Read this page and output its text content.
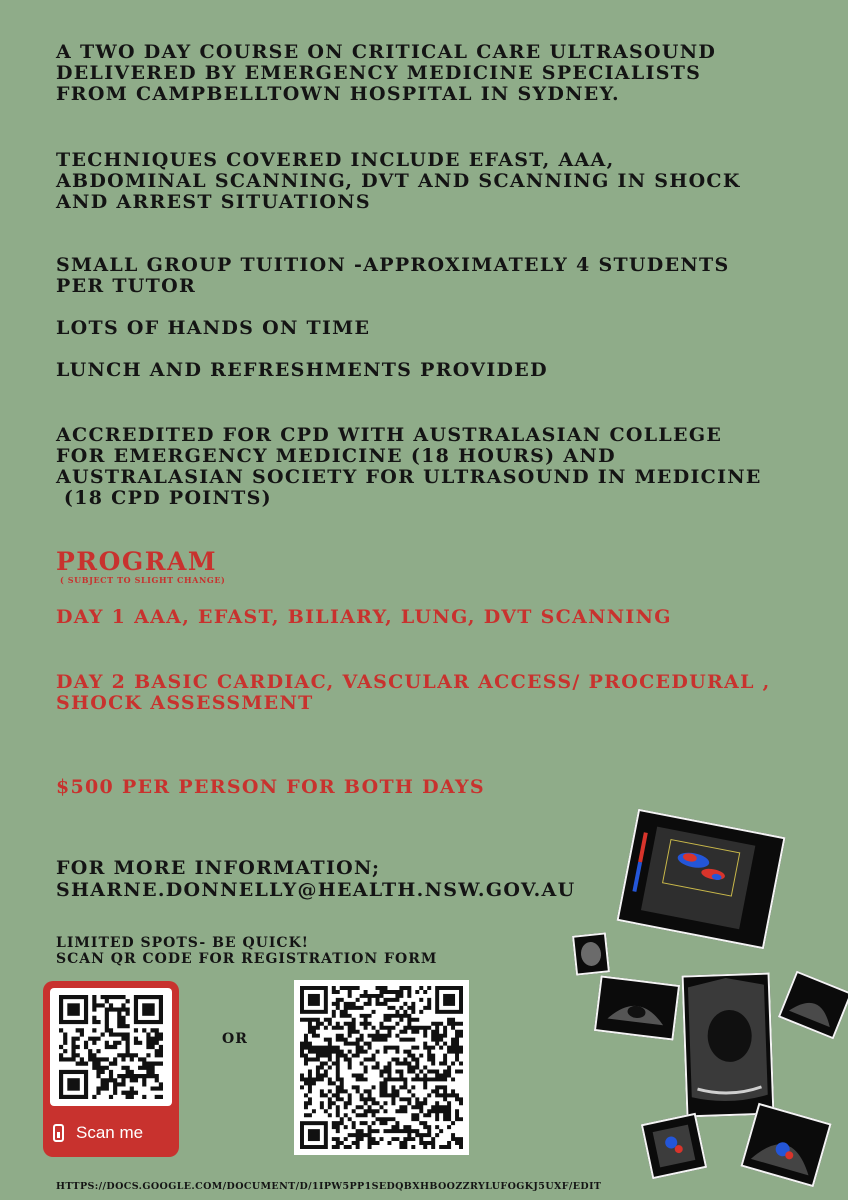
A TWO DAY COURSE ON CRITICAL CARE ULTRASOUND
DELIVERED BY EMERGENCY MEDICINE SPECIALISTS
FROM CAMPBELLTOWN HOSPITAL IN SYDNEY.

TECHNIQUES COVERED INCLUDE EFAST, AAA,
ABDOMINAL SCANNING, DVT AND SCANNING IN SHOCK
AND ARREST SITUATIONS

SMALL GROUP TUITION -APPROXIMATELY 4 STUDENTS
PER TUTOR

LOTS OF HANDS ON TIME

LUNCH AND REFRESHMENTS PROVIDED

ACCREDITED FOR CPD WITH AUSTRALASIAN COLLEGE
FOR EMERGENCY MEDICINE (18 HOURS) AND
AUSTRALASIAN SOCIETY FOR ULTRASOUND IN MEDICINE
(18 CPD POINTS)

PROGRAM

( SUBJECT TO SLIGHT CHANGE)

DAY 1 AAA, EFAST, BILIARY, LUNG, DVT SCANNING

DAY 2 BASIC CARDIAC, VASCULAR ACCESS/ PROCEDURAL ,
SHOCK ASSESSMENT

$500 PER PERSON FOR BOTH DAYS

FOR MORE INFORMATION;

SHARNE.DONNELLY@HEALTH.NSW.GOV.AU

LIMITED SPOTS- BE QUICK!

SCAN QR CODE FOR REGISTRATION FORM

Scan me
OR

HTTPS://DOCS.GOOGLE.COM/DOCUMENT/D/1IPW5PP1SEDQBXHBOOZZRYLUFOGKJ5UXF/EDIT
